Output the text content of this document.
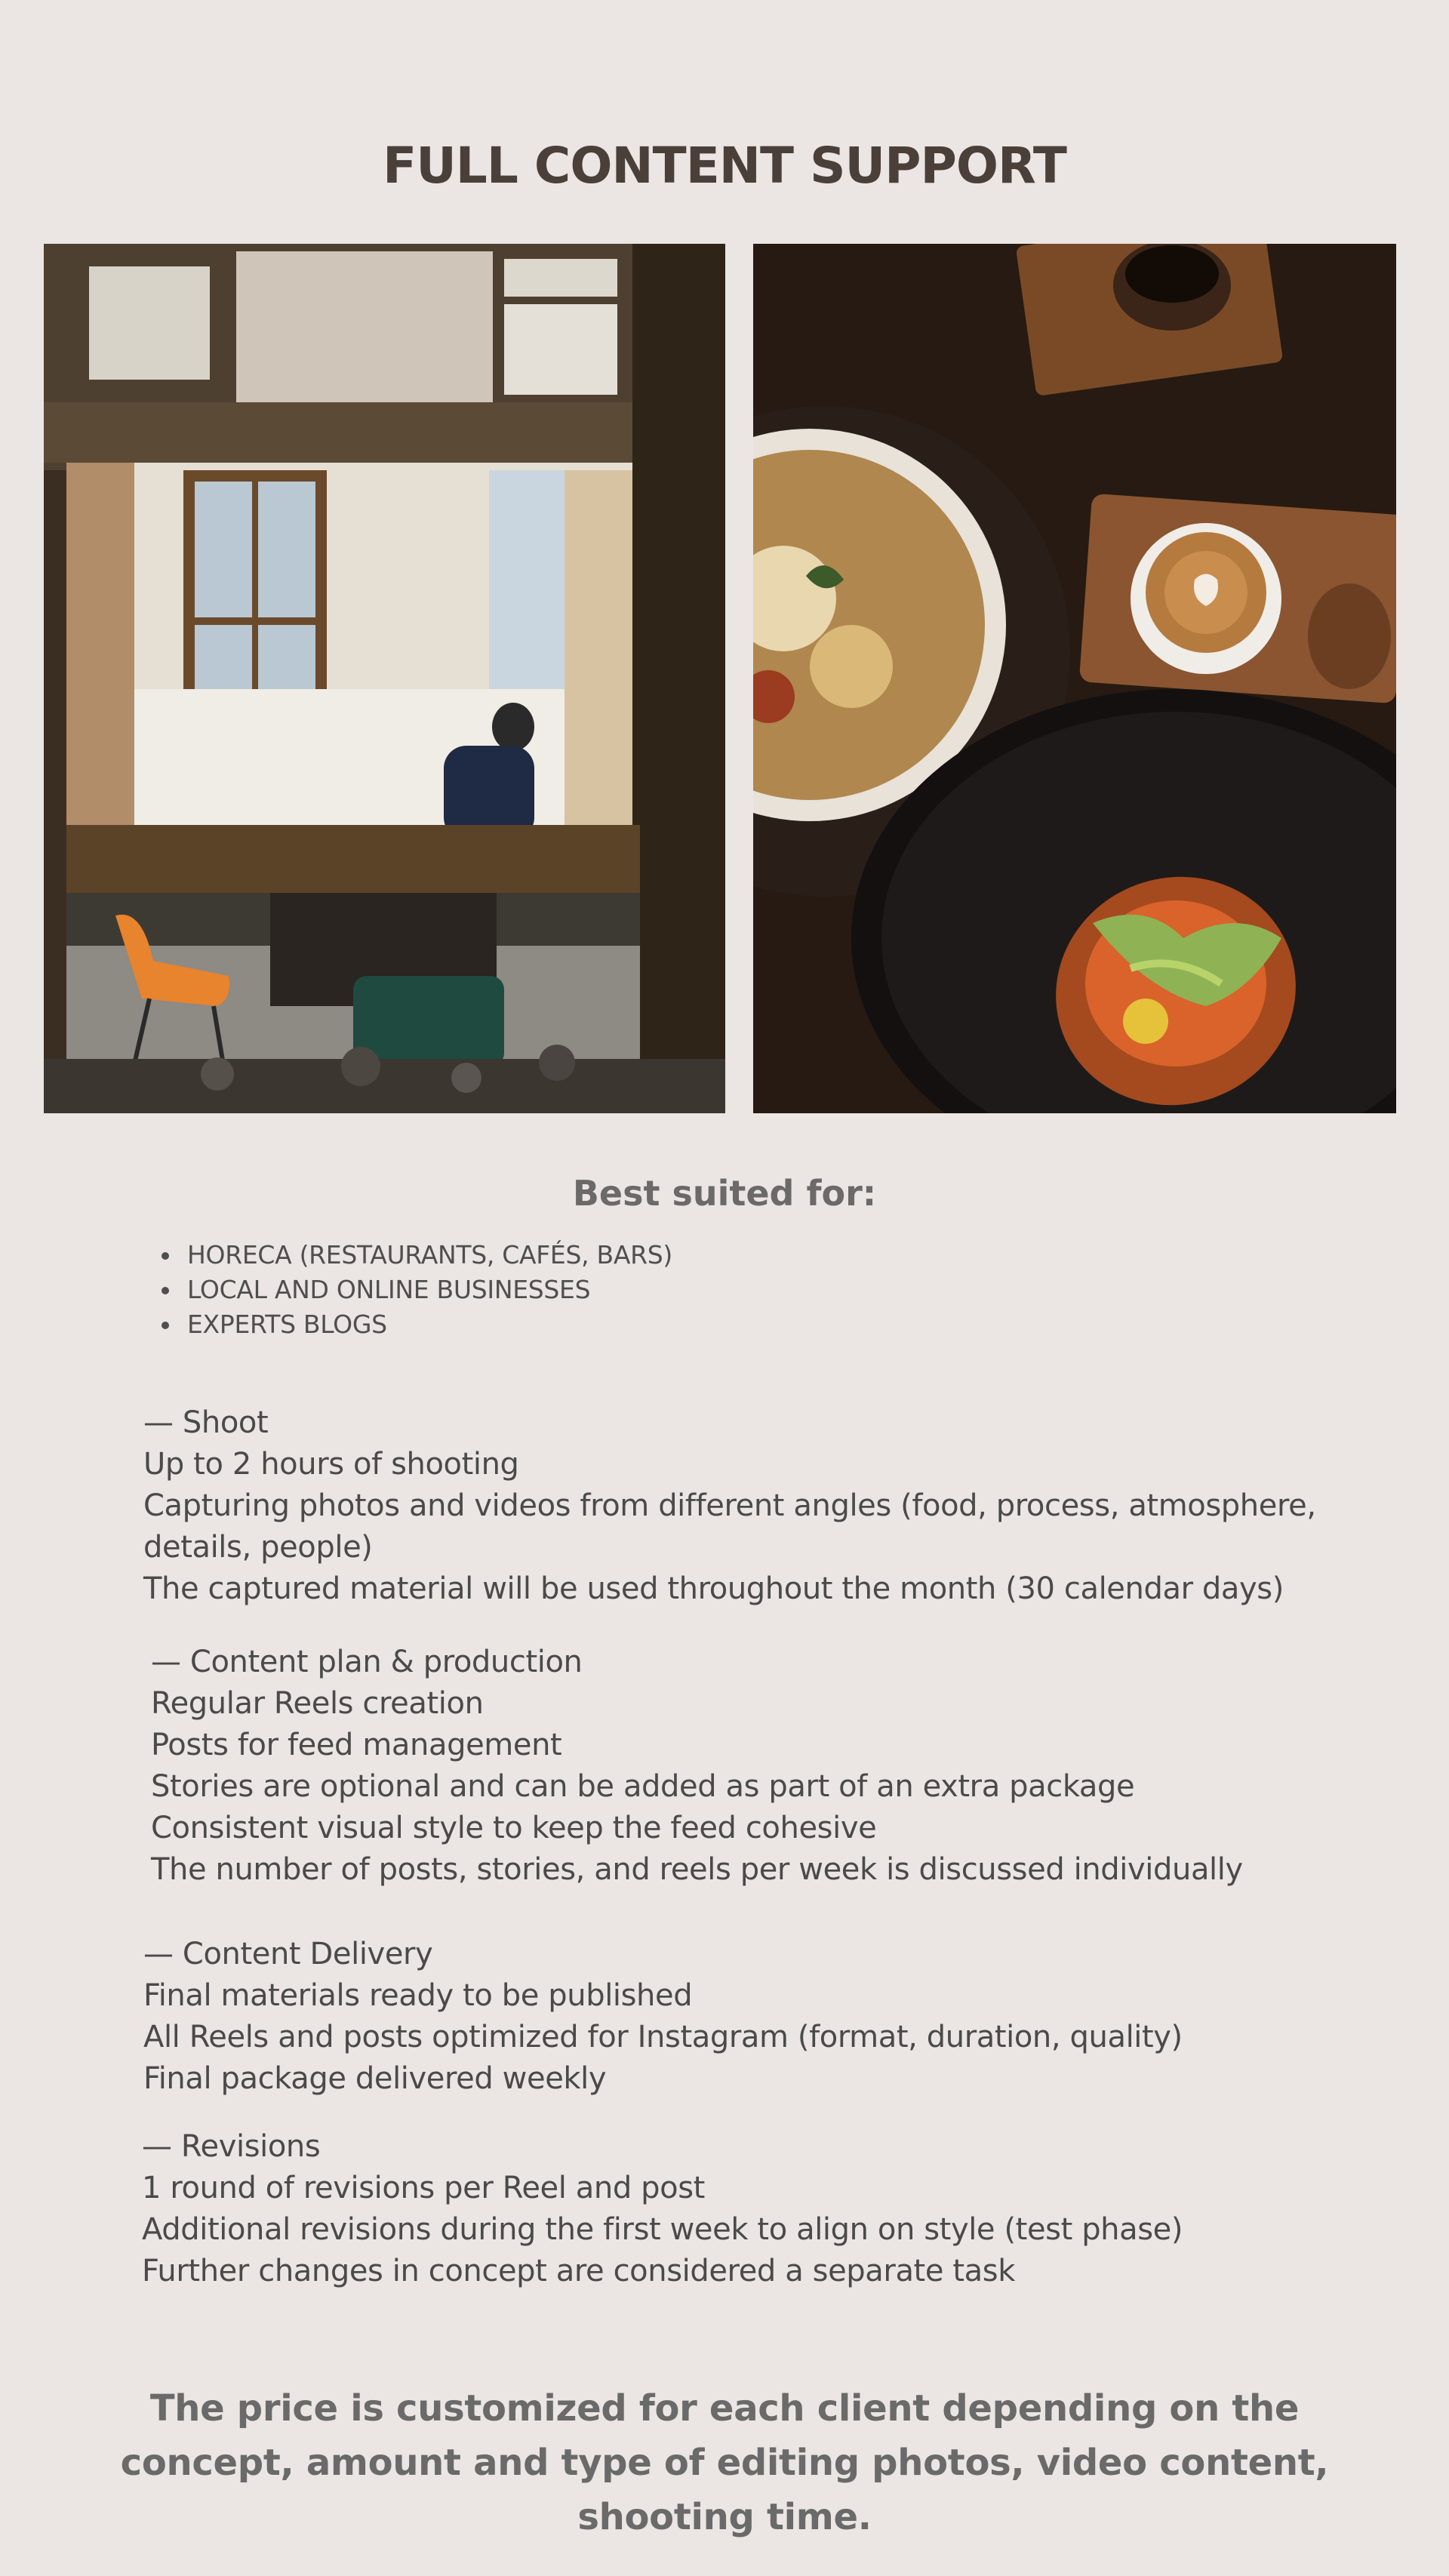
FULL CONTENT SUPPORT
Best suited for:
HORECA (RESTAURANTS, CAFÉS, BARS)
LOCAL AND ONLINE BUSINESSES
EXPERTS BLOGS
— Shoot
Up to 2 hours of shooting
Capturing photos and videos from different angles (food, process, atmosphere, details, people)
The captured material will be used throughout the month (30 calendar days)
— Content plan & production
Regular Reels creation
Posts for feed management
Stories are optional and can be added as part of an extra package
Consistent visual style to keep the feed cohesive
The number of posts, stories, and reels per week is discussed individually
— Content Delivery
Final materials ready to be published
All Reels and posts optimized for Instagram (format, duration, quality)
Final package delivered weekly
— Revisions
1 round of revisions per Reel and post
Additional revisions during the first week to align on style (test phase)
Further changes in concept are considered a separate task

The price is customized for each client depending on the concept, amount and type of editing photos, video content, shooting time.
